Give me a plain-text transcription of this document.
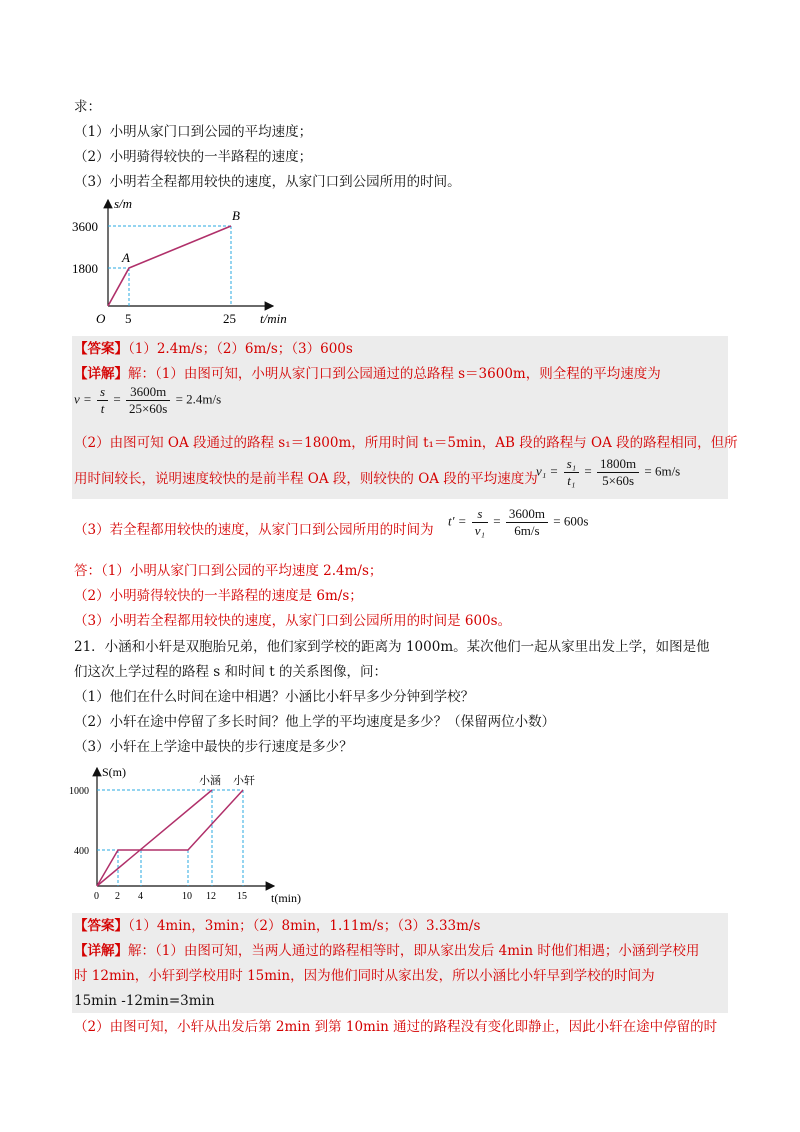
求：
（1）小明从家门口到公园的平均速度；
（2）小明骑得较快的一半路程的速度；
（3）小明若全程都用较快的速度，从家门口到公园所用的时间。
s/m
3600
1800
A
B
O 5	25 t/min
【答案】（1）2.4m/s；（2）6m/s；（3）600s
【详解】解：（1）由图可知，小明从家门口到公园通过的总路程 s＝3600m，则全程的平均速度为
$v = \frac{s}{t} = \frac{3600m}{25\times 60s} = 2.4m/s$
（2）由图可知 OA 段通过的路程 s₁＝1800m，所用时间 t₁＝5min，AB 段的路程与 OA 段的路程相同，但所
用时间较长，说明速度较快的是前半程 OA 段，则较快的 OA 段的平均速度为
$v_1 = \frac{\text{s₁}}{\text{t₁}} = \frac{1800m}{5\times 60s} = 6m/s$
（3）若全程都用较快的速度，从家门口到公园所用的时间为
$t' = \frac{s}{\text{v₁}} = \frac{3600m}{6m/s} = 600s$
答：（1）小明从家门口到公园的平均速度 2.4m/s；
（2）小明骑得较快的一半路程的速度是 6m/s；
（3）小明若全程都用较快的速度，从家门口到公园所用的时间是 600s。
21．小涵和小轩是双胞胎兄弟，他们家到学校的距离为 1000m。某次他们一起从家里出发上学，如图是他
们这次上学过程的路程 s 和时间 t 的关系图像，问：
（1）他们在什么时间在途中相遇？小涵比小轩早多少分钟到学校？
（2）小轩在途中停留了多长时间？他上学的平均速度是多少？（保留两位小数）
（3）小轩在上学途中最快的步行速度是多少？
S(m)
小涵 小轩
1000
400
0 2 4	10 12 15 t(min)
【答案】（1）4min，3min；（2）8min，1.11m/s；（3）3.33m/s
【详解】解：（1）由图可知，当两人通过的路程相等时，即从家出发后 4min 时他们相遇；小涵到学校用
时 12min，小轩到学校用时 15min，因为他们同时从家出发，所以小涵比小轩早到学校的时间为
15min -12min=3min
（2）由图可知，小轩从出发后第 2min 到第 10min 通过的路程没有变化即静止，因此小轩在途中停留的时
